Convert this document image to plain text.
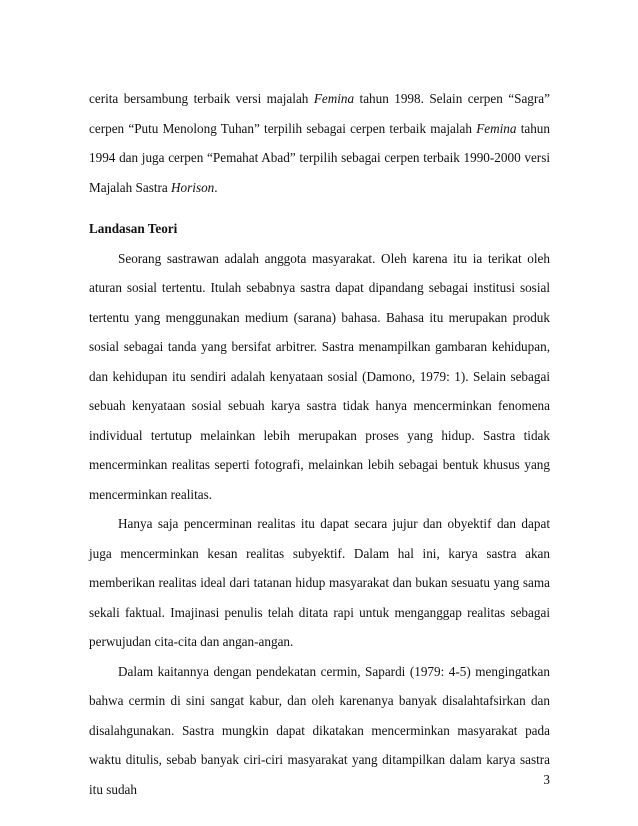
cerita bersambung terbaik versi majalah Femina tahun 1998. Selain cerpen “Sagra” cerpen “Putu Menolong Tuhan” terpilih sebagai cerpen terbaik majalah Femina tahun 1994 dan juga cerpen “Pemahat Abad” terpilih sebagai cerpen terbaik 1990-2000 versi Majalah Sastra Horison.

Landasan Teori

Seorang sastrawan adalah anggota masyarakat. Oleh karena itu ia terikat oleh aturan sosial tertentu. Itulah sebabnya sastra dapat dipandang sebagai institusi sosial tertentu yang menggunakan medium (sarana) bahasa. Bahasa itu merupakan produk sosial sebagai tanda yang bersifat arbitrer. Sastra menampilkan gambaran kehidupan, dan kehidupan itu sendiri adalah kenyataan sosial (Damono, 1979: 1). Selain sebagai sebuah kenyataan sosial sebuah karya sastra tidak hanya mencerminkan fenomena individual tertutup melainkan lebih merupakan proses yang hidup. Sastra tidak mencerminkan realitas seperti fotografi, melainkan lebih sebagai bentuk khusus yang mencerminkan realitas.

Hanya saja pencerminan realitas itu dapat secara jujur dan obyektif dan dapat juga mencerminkan kesan realitas subyektif. Dalam hal ini, karya sastra akan memberikan realitas ideal dari tatanan hidup masyarakat dan bukan sesuatu yang sama sekali faktual. Imajinasi penulis telah ditata rapi untuk menganggap realitas sebagai perwujudan cita-cita dan angan-angan.

Dalam kaitannya dengan pendekatan cermin, Sapardi (1979: 4-5) mengingatkan bahwa cermin di sini sangat kabur, dan oleh karenanya banyak disalahtafsirkan dan disalahgunakan. Sastra mungkin dapat dikatakan mencerminkan masyarakat pada waktu ditulis, sebab banyak ciri-ciri masyarakat yang ditampilkan dalam karya sastra itu sudah

3
